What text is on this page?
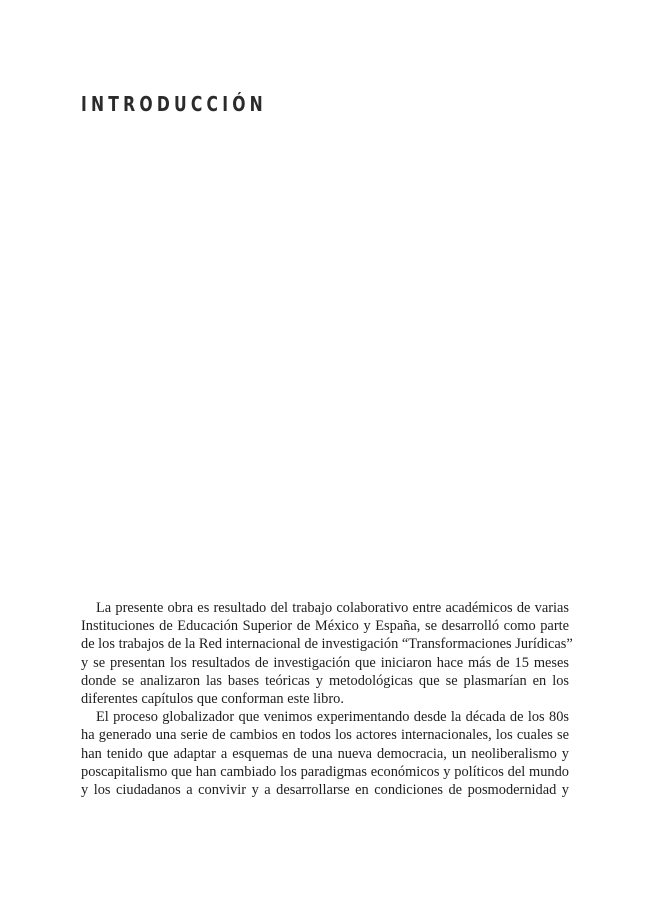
INTRODUCCIÓN
La presente obra es resultado del trabajo colaborativo entre académicos de varias
Instituciones de Educación Superior de México y España, se desarrolló como parte
de los trabajos de la Red internacional de investigación “Transformaciones Jurídicas”
y se presentan los resultados de investigación que iniciaron hace más de 15 meses
donde se analizaron las bases teóricas y metodológicas que se plasmarían en los
diferentes capítulos que conforman este libro.
El proceso globalizador que venimos experimentando desde la década de los 80s
ha generado una serie de cambios en todos los actores internacionales, los cuales se
han tenido que adaptar a esquemas de una nueva democracia, un neoliberalismo y
poscapitalismo que han cambiado los paradigmas económicos y políticos del mundo
y los ciudadanos a convivir y a desarrollarse en condiciones de posmodernidad y
